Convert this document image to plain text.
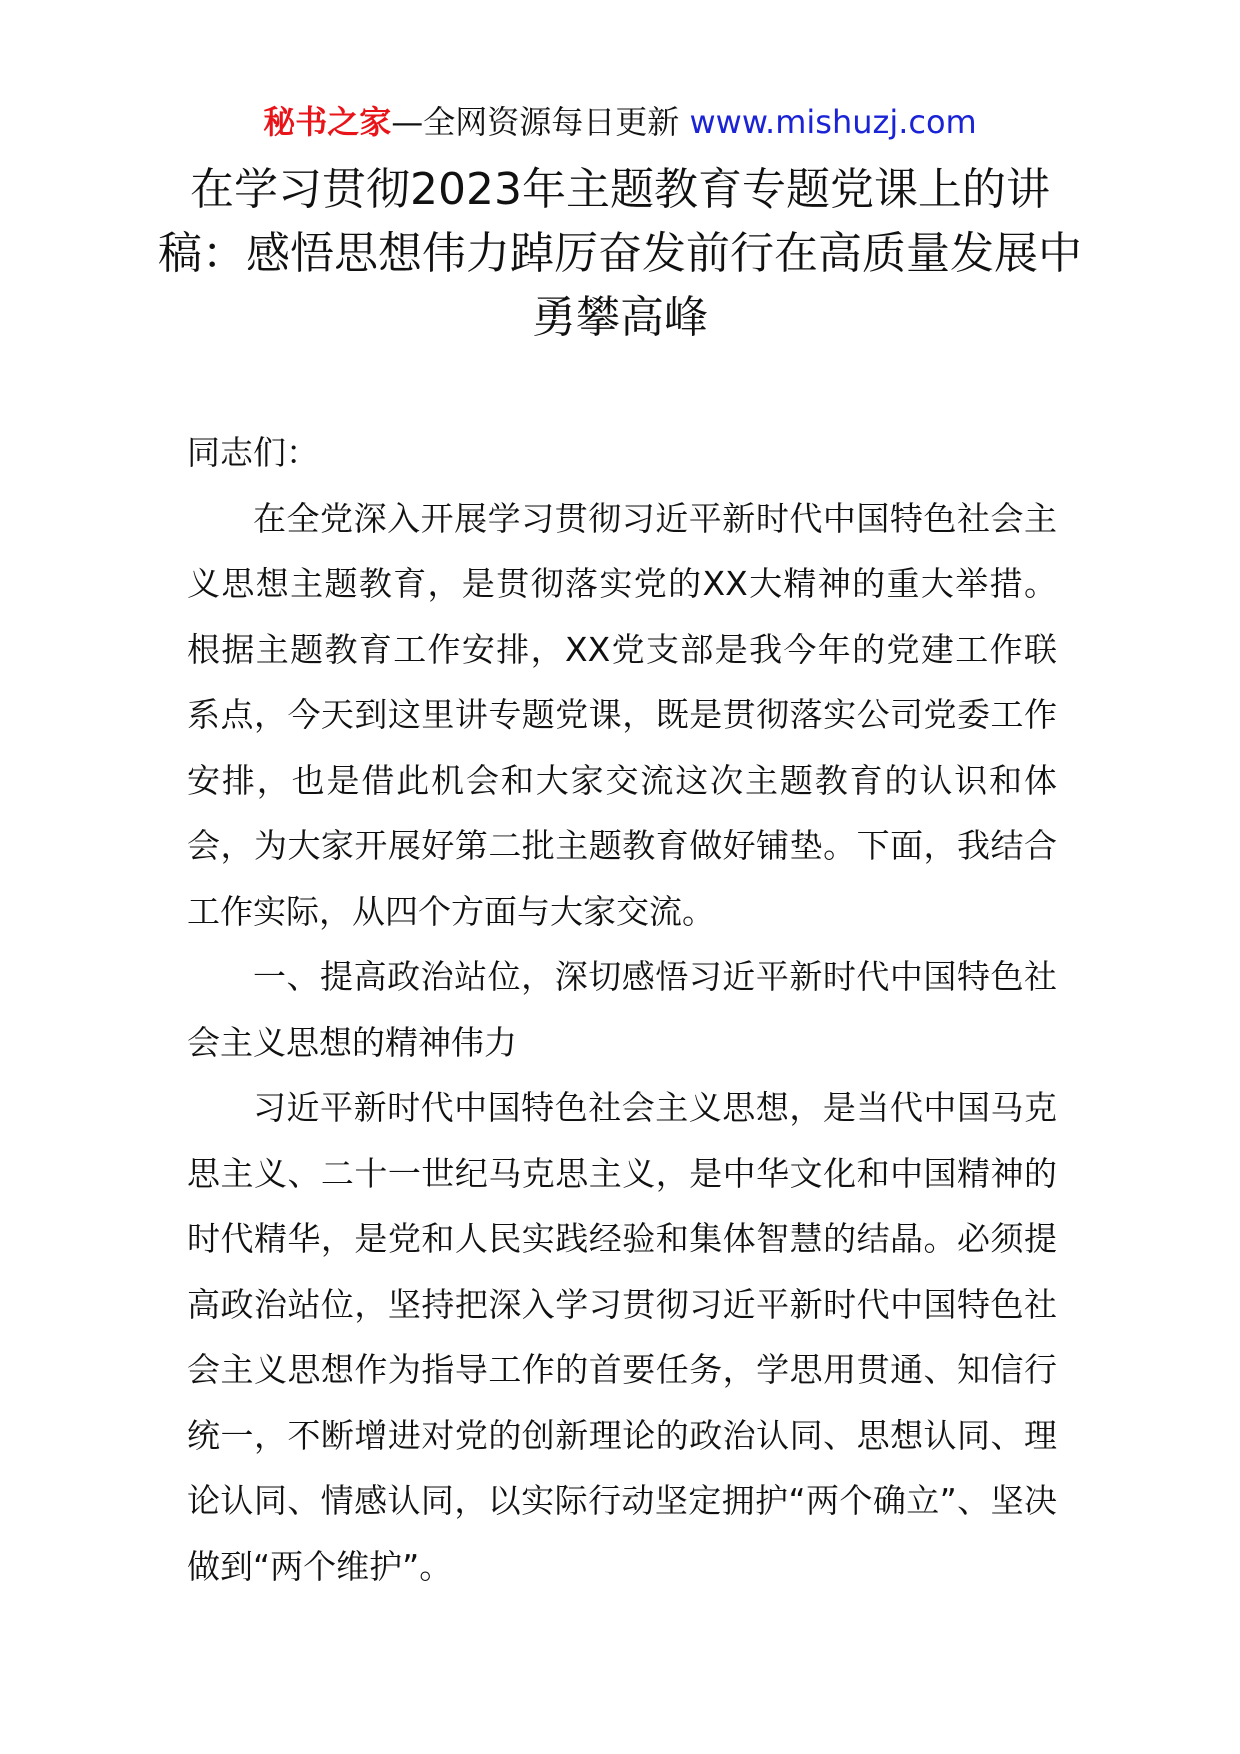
秘书之家—全网资源每日更新 www.mishuzj.com
在学习贯彻2023年主题教育专题党课上的讲稿：感悟思想伟力踔厉奋发前行在高质量发展中勇攀高峰

同志们：

在全党深入开展学习贯彻习近平新时代中国特色社会主义思想主题教育，是贯彻落实党的XX大精神的重大举措。根据主题教育工作安排，XX党支部是我今年的党建工作联系点，今天到这里讲专题党课，既是贯彻落实公司党委工作安排，也是借此机会和大家交流这次主题教育的认识和体会，为大家开展好第二批主题教育做好铺垫。下面，我结合工作实际，从四个方面与大家交流。

一、提高政治站位，深切感悟习近平新时代中国特色社会主义思想的精神伟力

习近平新时代中国特色社会主义思想，是当代中国马克思主义、二十一世纪马克思主义，是中华文化和中国精神的时代精华，是党和人民实践经验和集体智慧的结晶。必须提高政治站位，坚持把深入学习贯彻习近平新时代中国特色社会主义思想作为指导工作的首要任务，学思用贯通、知信行统一，不断增进对党的创新理论的政治认同、思想认同、理论认同、情感认同，以实际行动坚定拥护“两个确立”、坚决做到“两个维护”。
